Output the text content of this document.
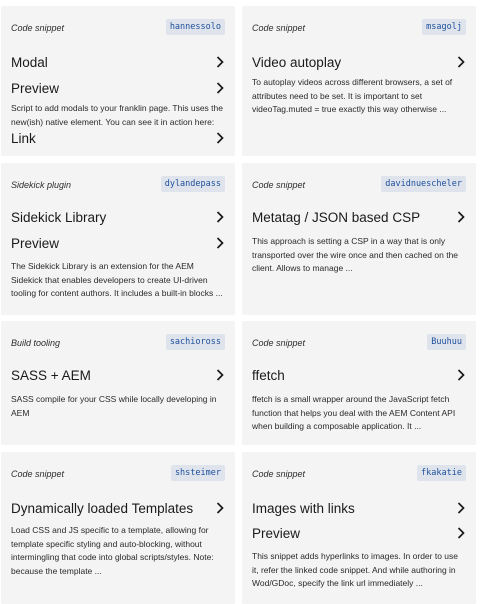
Code snippet	hannessolo
Modal
Preview

Script to add modals to your franklin page. This uses the new(ish) native element. You can see it in action here:

Link
Code snippet	msagolj
Video autoplay

To autoplay videos across different browsers, a set of attributes need to be set. It is important to set videoTag.muted = true exactly this way otherwise ...

Sidekick plugin	dylandepass
Sidekick Library
Preview

The Sidekick Library is an extension for the AEM Sidekick that enables developers to create UI-driven tooling for content authors. It includes a built-in blocks ...

Code snippet	davidnuescheler
Metatag / JSON based CSP

This approach is setting a CSP in a way that is only transported over the wire once and then cached on the client. Allows to manage ...

Build tooling	sachioross
SASS + AEM

SASS compile for your CSS while locally developing in AEM

Code snippet	Buuhuu
ffetch

ffetch is a small wrapper around the JavaScript fetch function that helps you deal with the AEM Content API when building a composable application. It ...

Code snippet	shsteimer
Dynamically loaded Templates

Load CSS and JS specific to a template, allowing for template specific styling and auto-blocking, without intermingling that code into global scripts/styles. Note: because the template ...

Code snippet	fkakatie
Images with links
Preview

This snippet adds hyperlinks to images. In order to use it, refer the linked code snippet. And while authoring in Wod/GDoc, specify the link url immediately ...
